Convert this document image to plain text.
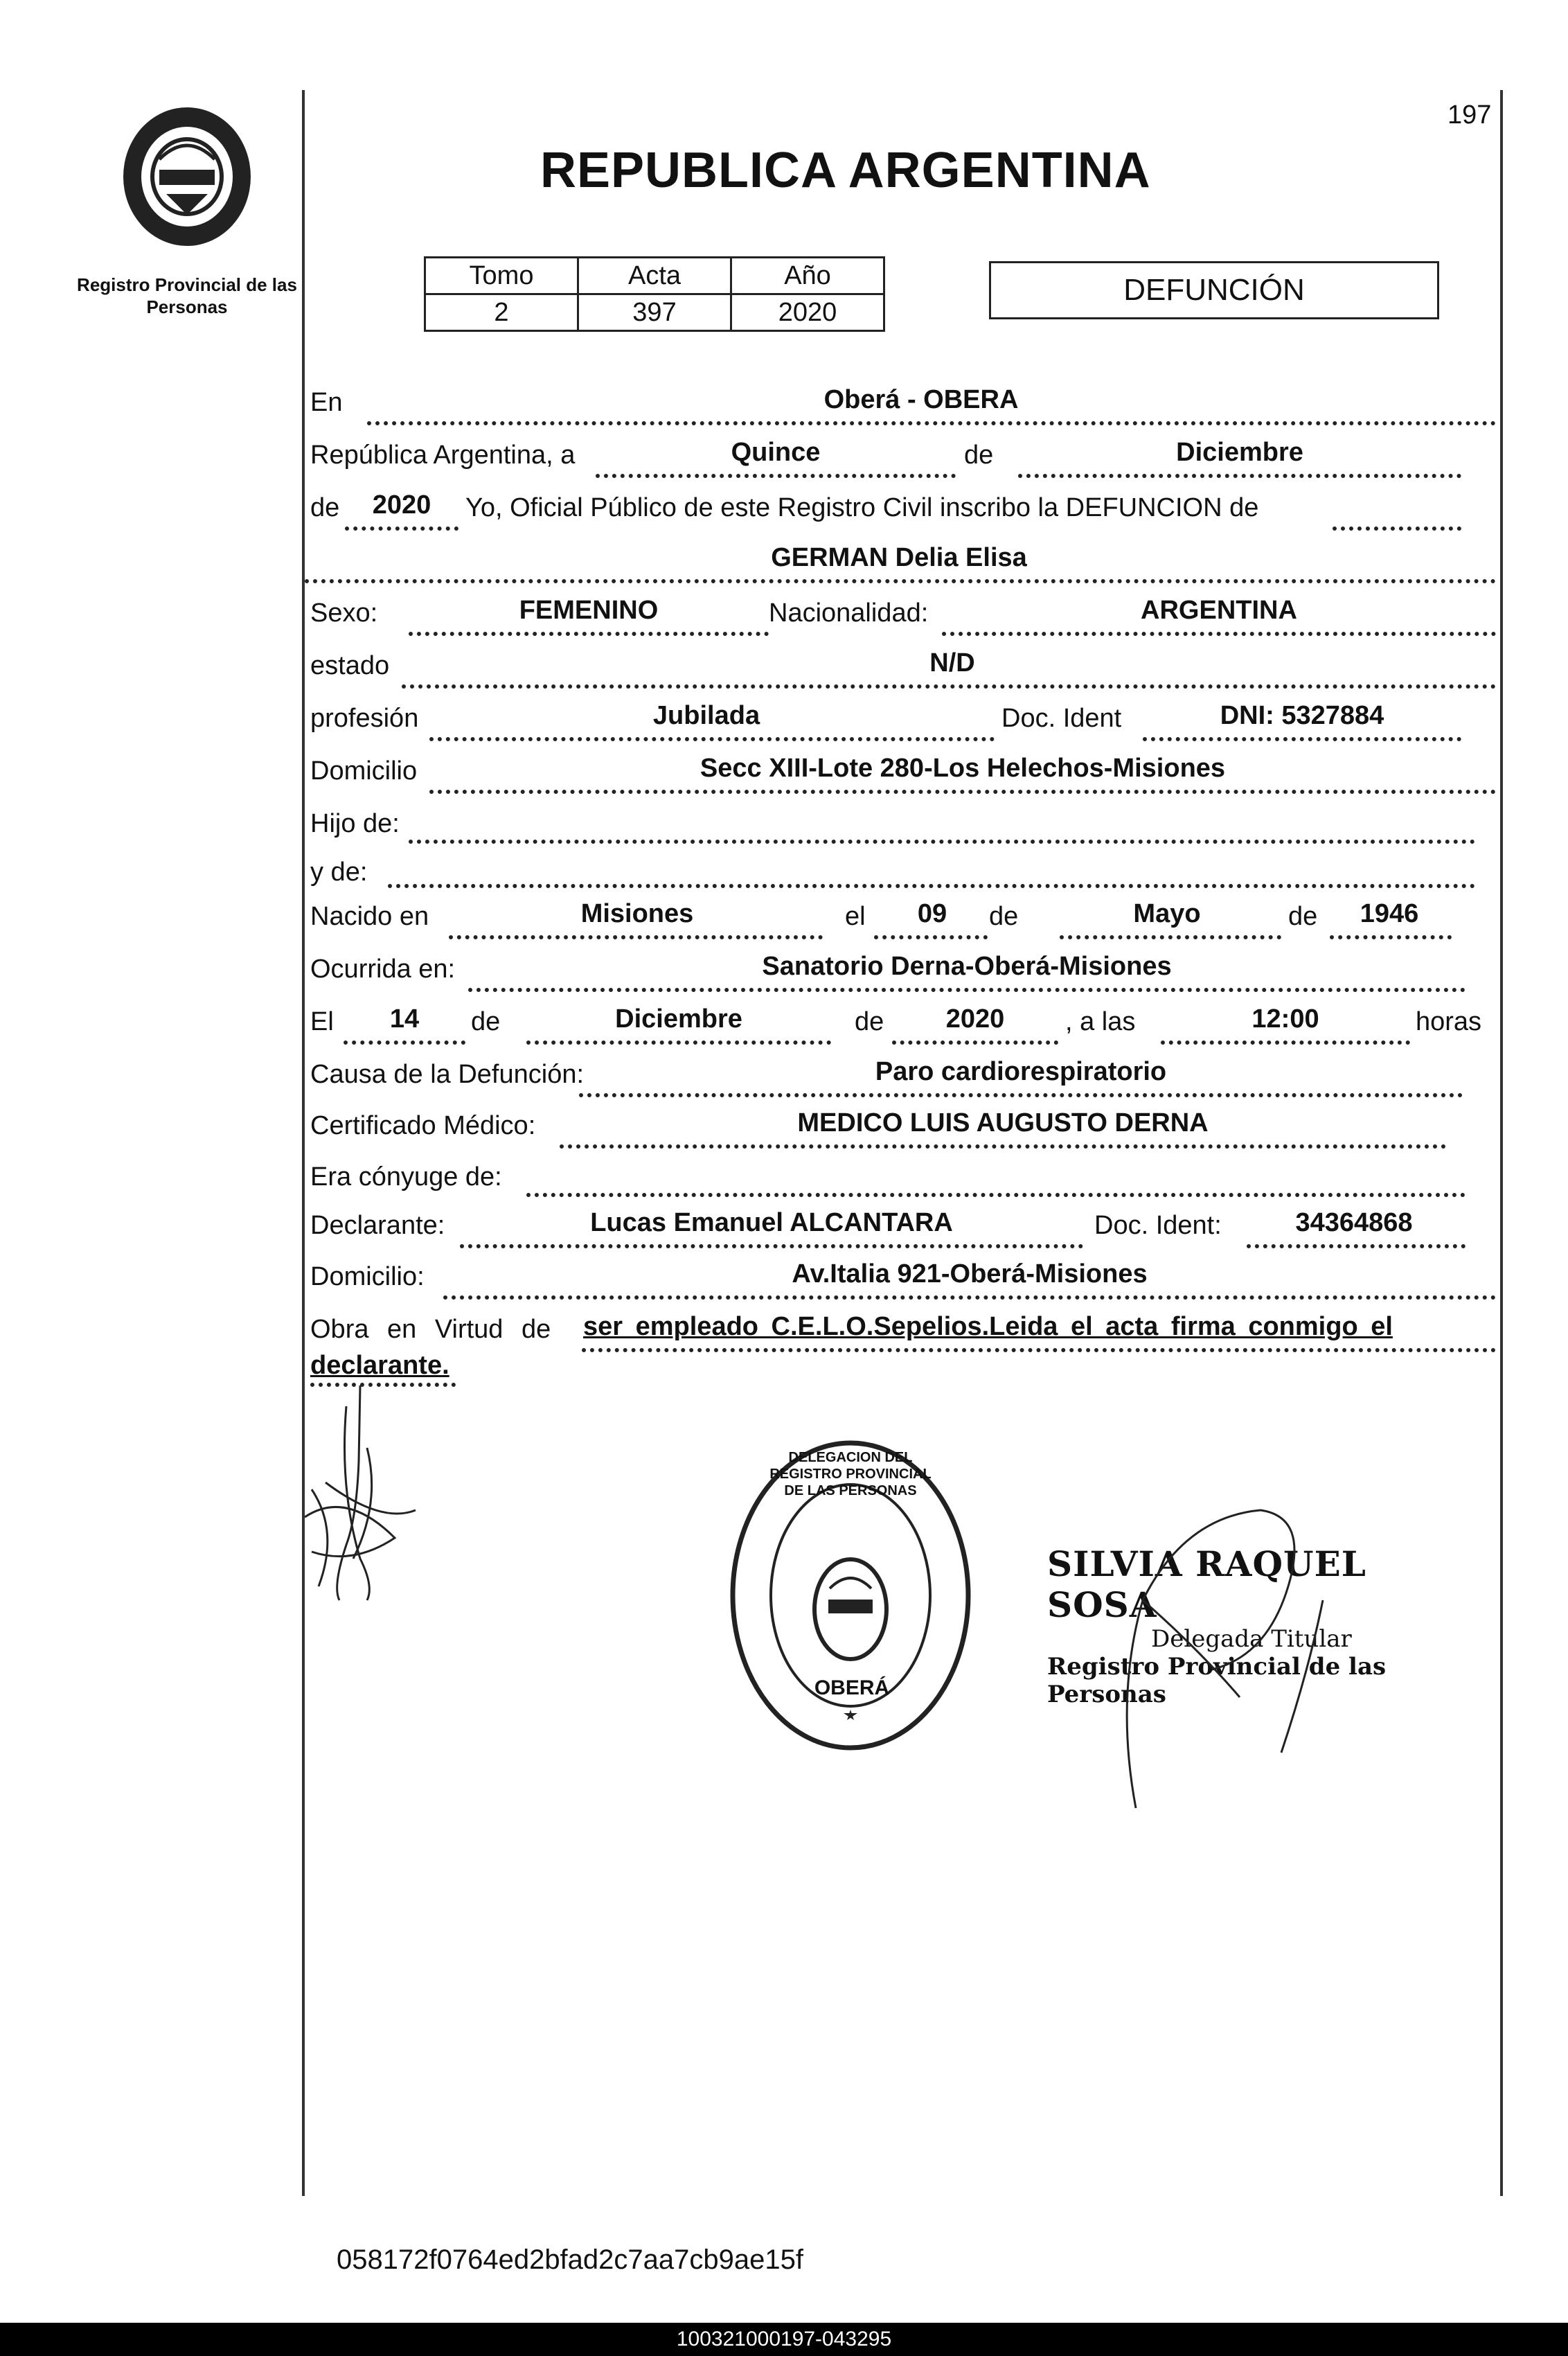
Registro Provincial de las Personas
197
REPUBLICA ARGENTINA
Tomo	Acta	Año
2	397	2020
DEFUNCIÓN
En	Oberá - OBERA
República Argentina, a	Quince	de	Diciembre
de	2020	Yo, Oficial Público de este Registro Civil inscribo la DEFUNCION de
GERMAN Delia Elisa
Sexo:	FEMENINO	Nacionalidad:	ARGENTINA
estado	N/D
profesión	Jubilada	Doc. Ident	DNI: 5327884
Domicilio	Secc XIII-Lote 280-Los Helechos-Misiones
Hijo de:
y de:
Nacido en	Misiones	el	09	de	Mayo	de	1946
Ocurrida en:	Sanatorio Derna-Oberá-Misiones
El	14	de	Diciembre	de	2020	, a las	12:00	horas
Causa de la Defunción:	Paro cardiorespiratorio
Certificado Médico:	MEDICO LUIS AUGUSTO DERNA
Era cónyuge de:
Declarante:	Lucas Emanuel ALCANTARA	Doc. Ident:	34364868
Domicilio:	Av.Italia 921-Oberá-Misiones
Obra en Virtud de ser empleado C.E.L.O.Sepelios.Leida el acta firma conmigo el
declarante.
DELEGACION DEL REGISTRO PROVINCIAL DE LAS PERSONAS
OBERÁ
SILVIA RAQUEL SOSA
Delegada Titular
Registro Provincial de las Personas
058172f0764ed2bfad2c7aa7cb9ae15f
100321000197-043295
